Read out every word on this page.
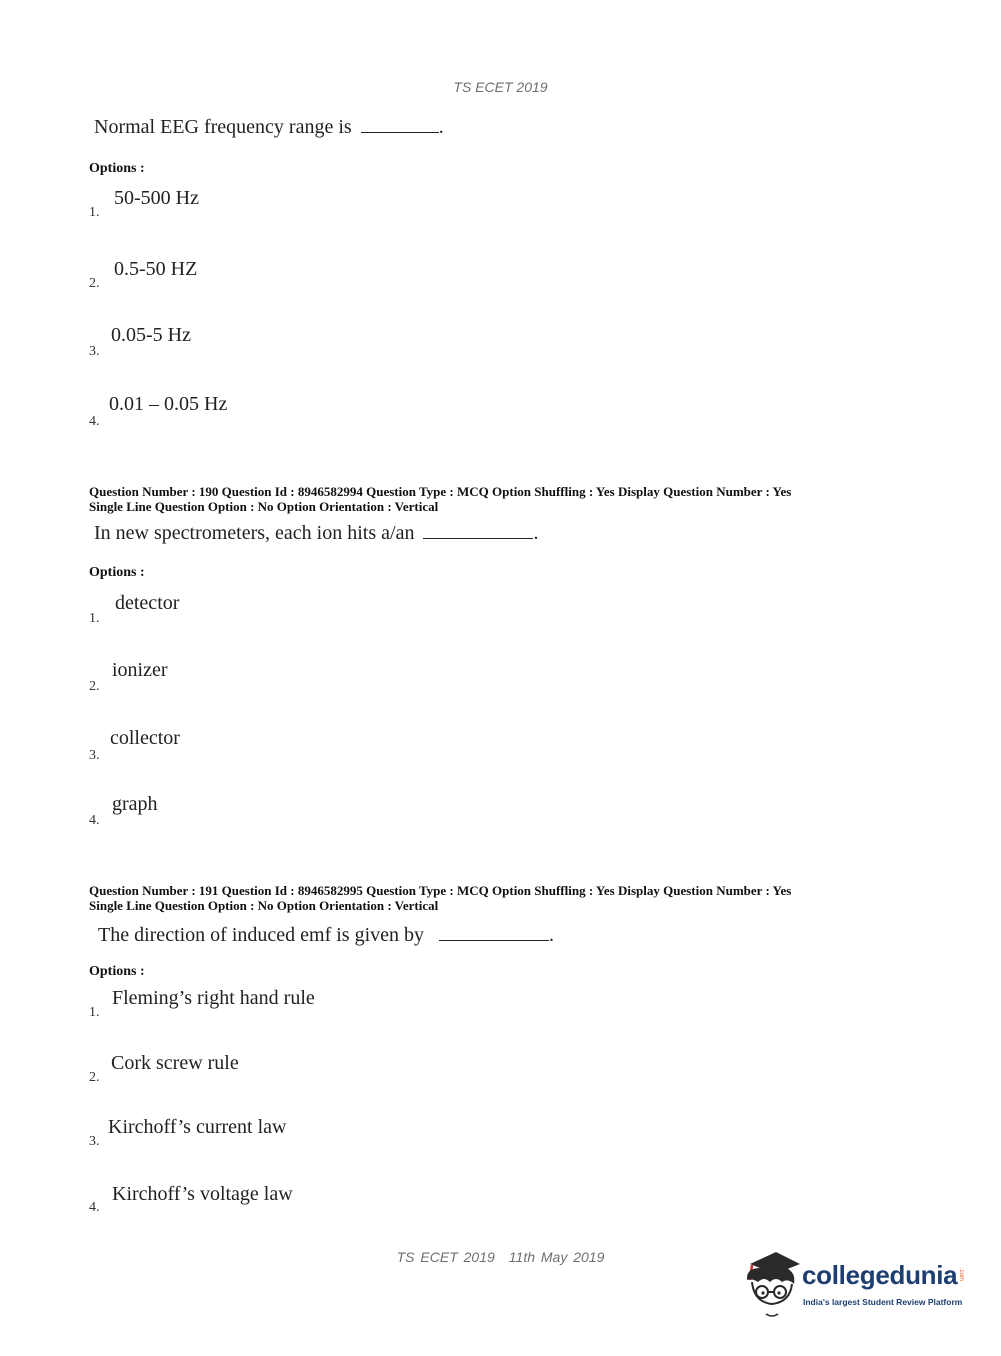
TS ECET 2019
Normal EEG frequency range is	.
Options :
50-500 Hz
1.
0.5-50 HZ
2.
0.05-5 Hz
3.
0.01 – 0.05 Hz
4.
Question Number : 190 Question Id : 8946582994 Question Type : MCQ Option Shuffling : Yes Display Question Number : Yes
Single Line Question Option : No Option Orientation : Vertical
In new spectrometers, each ion hits a/an	.
Options :
detector
1.
ionizer
2.
collector
3.
graph
4.
Question Number : 191 Question Id : 8946582995 Question Type : MCQ Option Shuffling : Yes Display Question Number : Yes
Single Line Question Option : No Option Orientation : Vertical
The direction of induced emf is given by	.
Options :
Fleming’s right hand rule
1.
Cork screw rule
2.
Kirchoff’s current law
3.
Kirchoff’s voltage law
4.
TS ECET 2019 11th May 2019
collegedunia .com
India's largest Student Review Platform
